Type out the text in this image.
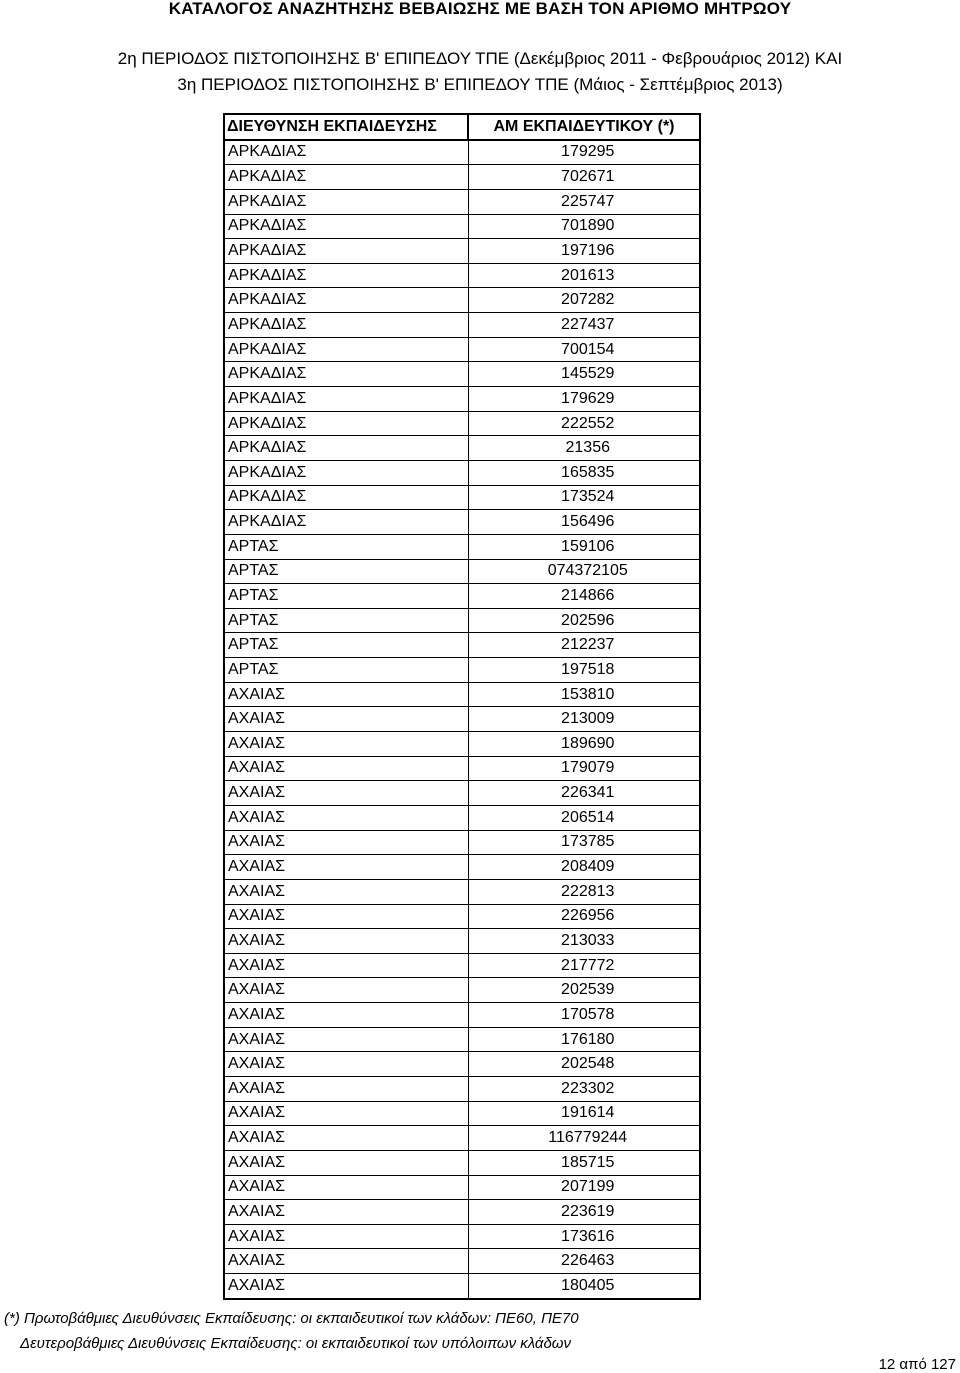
ΚΑΤΑΛΟΓΟΣ ΑΝΑΖΗΤΗΣΗΣ ΒΕΒΑΙΩΣΗΣ ΜΕ ΒΑΣΗ ΤΟΝ ΑΡΙΘΜΟ ΜΗΤΡΩΟΥ
2η ΠΕΡΙΟΔΟΣ ΠΙΣΤΟΠΟΙΗΣΗΣ Β' ΕΠΙΠΕΔΟΥ ΤΠΕ (Δεκέμβριος 2011 - Φεβρουάριος 2012) ΚΑΙ
3η ΠΕΡΙΟΔΟΣ ΠΙΣΤΟΠΟΙΗΣΗΣ Β' ΕΠΙΠΕΔΟΥ ΤΠΕ (Μάιος - Σεπτέμβριος 2013)
ΔΙΕΥΘΥΝΣΗ ΕΚΠΑΙΔΕΥΣΗΣ	ΑΜ ΕΚΠΑΙΔΕΥΤΙΚΟΥ (*)
ΑΡΚΑΔΙΑΣ	179295
ΑΡΚΑΔΙΑΣ	702671
ΑΡΚΑΔΙΑΣ	225747
ΑΡΚΑΔΙΑΣ	701890
ΑΡΚΑΔΙΑΣ	197196
ΑΡΚΑΔΙΑΣ	201613
ΑΡΚΑΔΙΑΣ	207282
ΑΡΚΑΔΙΑΣ	227437
ΑΡΚΑΔΙΑΣ	700154
ΑΡΚΑΔΙΑΣ	145529
ΑΡΚΑΔΙΑΣ	179629
ΑΡΚΑΔΙΑΣ	222552
ΑΡΚΑΔΙΑΣ	21356
ΑΡΚΑΔΙΑΣ	165835
ΑΡΚΑΔΙΑΣ	173524
ΑΡΚΑΔΙΑΣ	156496
ΑΡΤΑΣ	159106
ΑΡΤΑΣ	074372105
ΑΡΤΑΣ	214866
ΑΡΤΑΣ	202596
ΑΡΤΑΣ	212237
ΑΡΤΑΣ	197518
ΑΧΑΙΑΣ	153810
ΑΧΑΙΑΣ	213009
ΑΧΑΙΑΣ	189690
ΑΧΑΙΑΣ	179079
ΑΧΑΙΑΣ	226341
ΑΧΑΙΑΣ	206514
ΑΧΑΙΑΣ	173785
ΑΧΑΙΑΣ	208409
ΑΧΑΙΑΣ	222813
ΑΧΑΙΑΣ	226956
ΑΧΑΙΑΣ	213033
ΑΧΑΙΑΣ	217772
ΑΧΑΙΑΣ	202539
ΑΧΑΙΑΣ	170578
ΑΧΑΙΑΣ	176180
ΑΧΑΙΑΣ	202548
ΑΧΑΙΑΣ	223302
ΑΧΑΙΑΣ	191614
ΑΧΑΙΑΣ	116779244
ΑΧΑΙΑΣ	185715
ΑΧΑΙΑΣ	207199
ΑΧΑΙΑΣ	223619
ΑΧΑΙΑΣ	173616
ΑΧΑΙΑΣ	226463
ΑΧΑΙΑΣ	180405
(*) Πρωτοβάθμιες Διευθύνσεις Εκπαίδευσης: οι εκπαιδευτικοί των κλάδων: ΠΕ60, ΠΕ70
Δευτεροβάθμιες Διευθύνσεις Εκπαίδευσης: οι εκπαιδευτικοί των υπόλοιπων κλάδων
12 από 127
